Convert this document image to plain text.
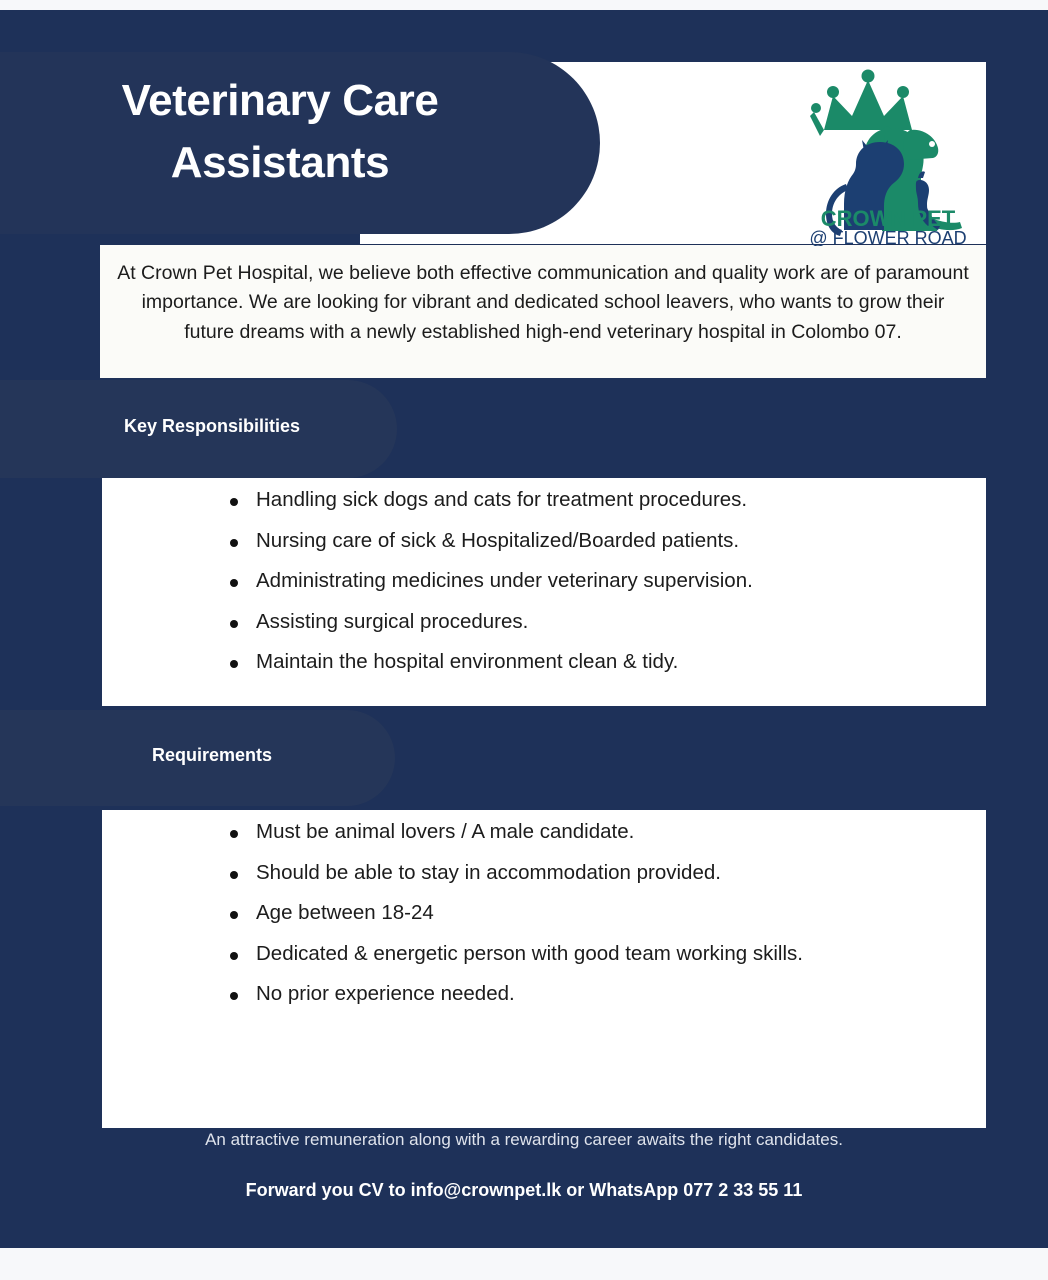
Veterinary Care Assistants
CROWN PET
@ FLOWER ROAD
At Crown Pet Hospital, we believe both effective communication and quality work are of paramount importance. We are looking for vibrant and dedicated school leavers, who wants to grow their future dreams with a newly established high-end veterinary hospital in Colombo 07.
Key Responsibilities
Handling sick dogs and cats for treatment procedures.
Nursing care of sick & Hospitalized/Boarded patients.
Administrating medicines under veterinary supervision.
Assisting surgical procedures.
Maintain the hospital environment clean & tidy.
Requirements
Must be animal lovers / A male candidate.
Should be able to stay in accommodation provided.
Age between 18-24
Dedicated & energetic person with good team working skills.
No prior experience needed.
An attractive remuneration along with a rewarding career awaits the right candidates.
Forward you CV to info@crownpet.lk or WhatsApp 077 2 33 55 11
